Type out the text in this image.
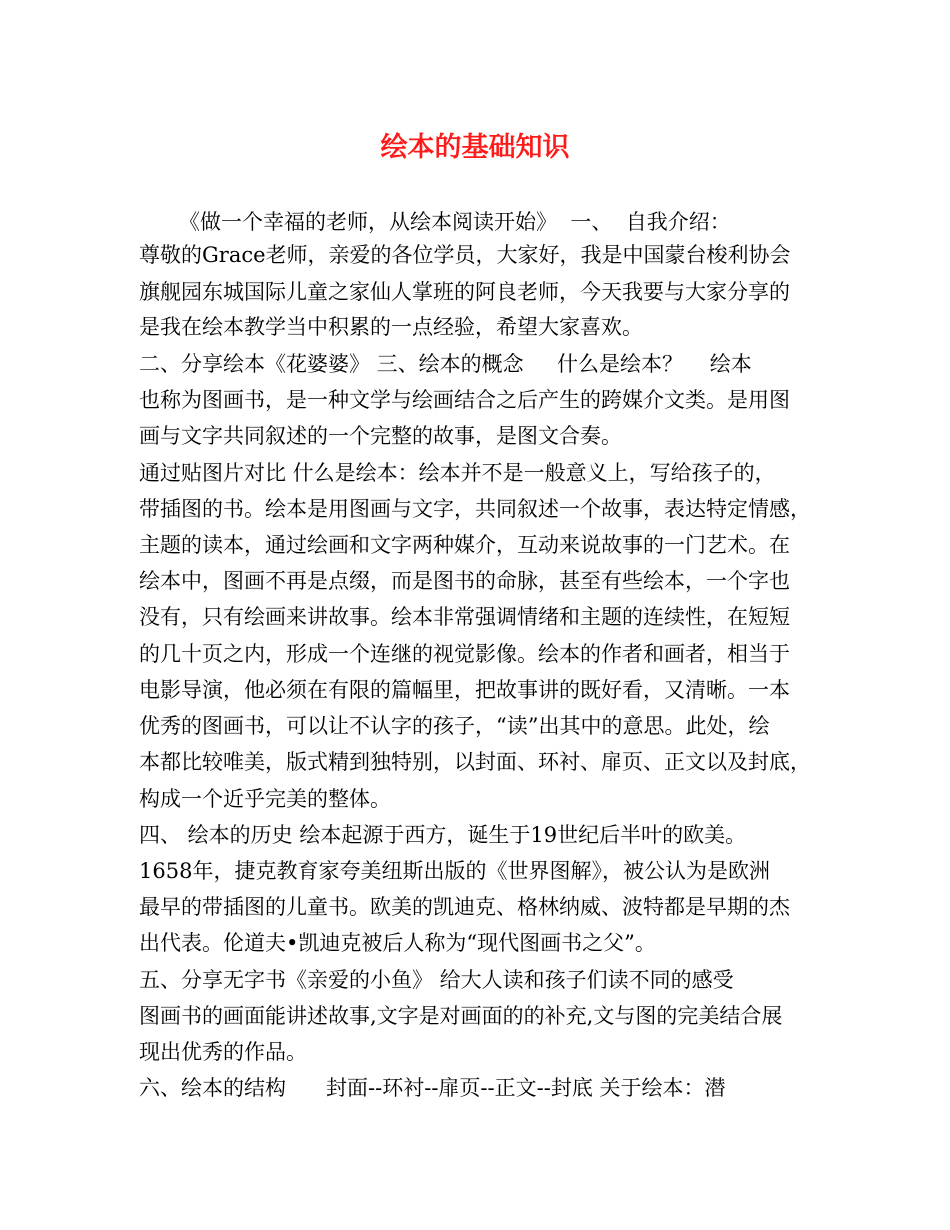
绘本的基础知识
《做一个幸福的老师，从绘本阅读开始》  一、  自我介绍：
尊敬的Grace老师，亲爱的各位学员，大家好，我是中国蒙台梭利协会
旗舰园东城国际儿童之家仙人掌班的阿良老师，今天我要与大家分享的
是我在绘本教学当中积累的一点经验，希望大家喜欢。
二、分享绘本《花婆婆》 三、绘本的概念     什么是绘本？    绘本
也称为图画书，是一种文学与绘画结合之后产生的跨媒介文类。是用图
画与文字共同叙述的一个完整的故事，是图文合奏。
通过贴图片对比 什么是绘本：绘本并不是一般意义上，写给孩子的，
带插图的书。绘本是用图画与文字，共同叙述一个故事，表达特定情感，
主题的读本，通过绘画和文字两种媒介，互动来说故事的一门艺术。在
绘本中，图画不再是点缀，而是图书的命脉，甚至有些绘本，一个字也
没有，只有绘画来讲故事。绘本非常强调情绪和主题的连续性，在短短
的几十页之内，形成一个连继的视觉影像。绘本的作者和画者，相当于
电影导演，他必须在有限的篇幅里，把故事讲的既好看，又清晰。一本
优秀的图画书，可以让不认字的孩子，“读”出其中的意思。此处，绘
本都比较唯美，版式精到独特别，以封面、环衬、扉页、正文以及封底，
构成一个近乎完美的整体。
四、 绘本的历史 绘本起源于西方，诞生于19世纪后半叶的欧美。
1658年，捷克教育家夸美纽斯出版的《世界图解》，被公认为是欧洲
最早的带插图的儿童书。欧美的凯迪克、格林纳威、波特都是早期的杰
出代表。伦道夫•凯迪克被后人称为“现代图画书之父”。
五、分享无字书《亲爱的小鱼》 给大人读和孩子们读不同的感受
图画书的画面能讲述故事,文字是对画面的的补充,文与图的完美结合展
现出优秀的作品。
六、绘本的结构      封面--环衬--扉页--正文--封底 关于绘本：潜
